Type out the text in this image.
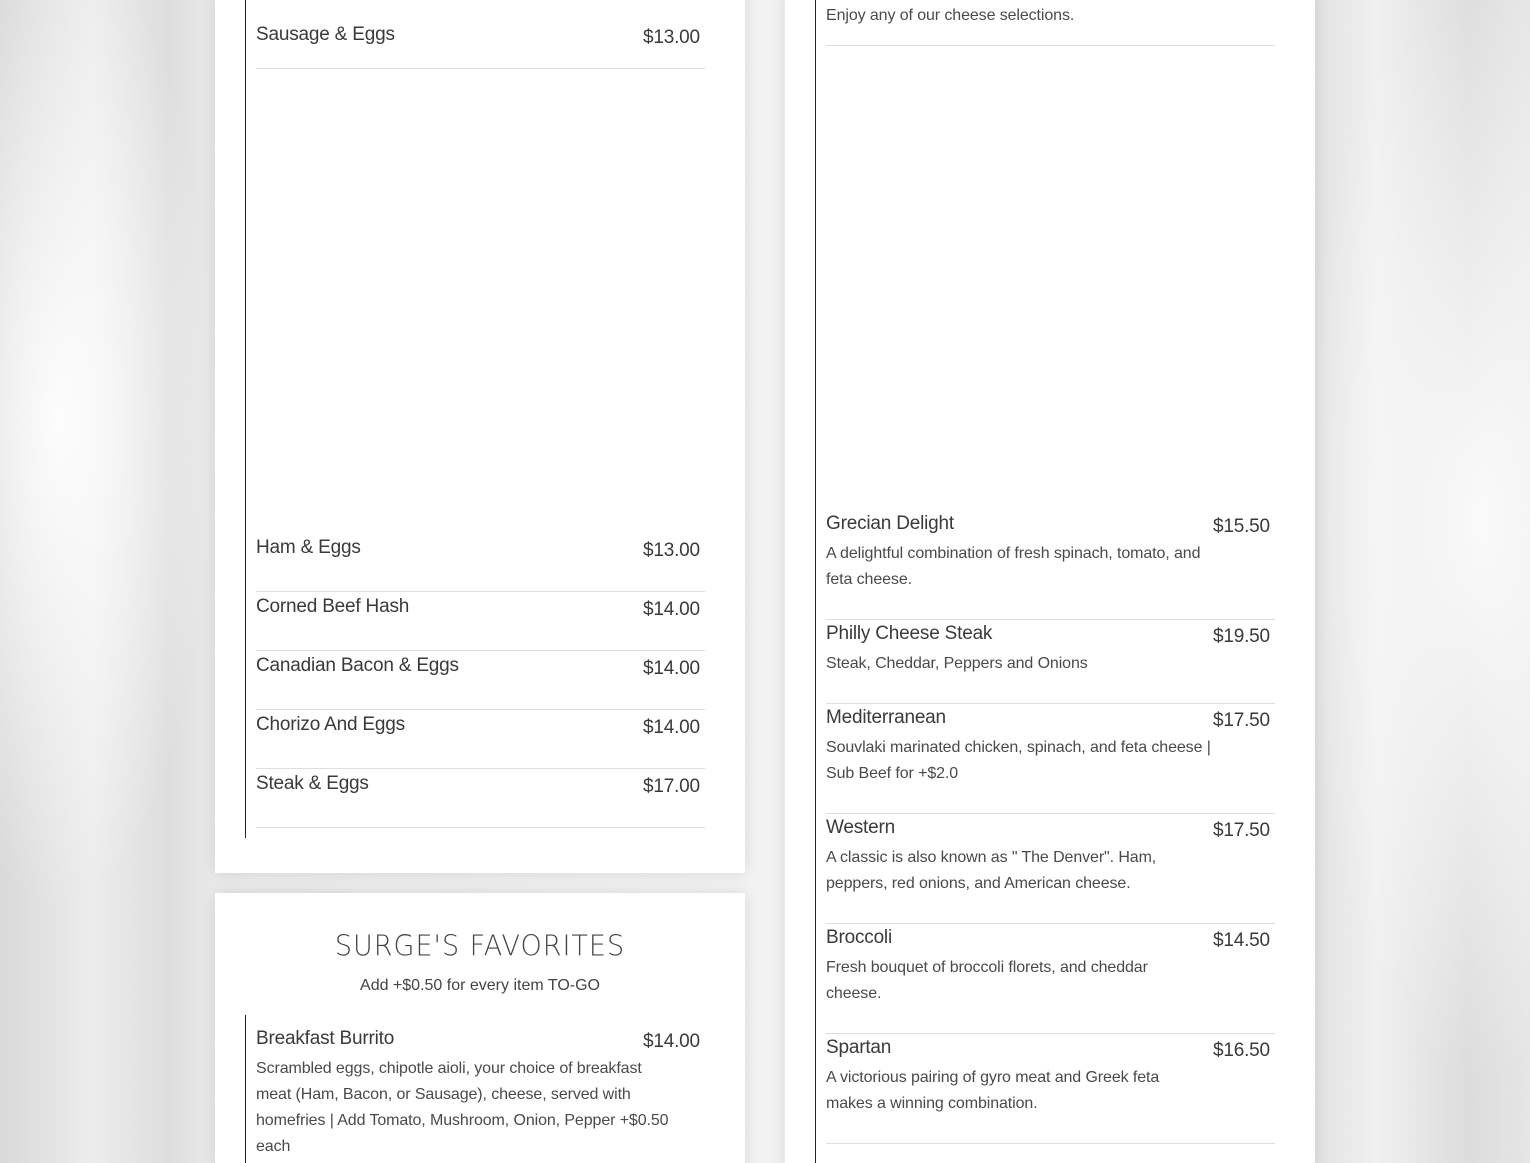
Sausage & Eggs	$13.00
Ham & Eggs	$13.00
Corned Beef Hash	$14.00
Canadian Bacon & Eggs	$14.00
Chorizo And Eggs	$14.00
Steak & Eggs	$17.00
SURGE'S FAVORITES
Add +$0.50 for every item TO-GO
Breakfast Burrito	$14.00
Scrambled eggs, chipotle aioli, your choice of breakfast meat (Ham, Bacon, or Sausage), cheese, served with homefries | Add Tomato, Mushroom, Onion, Pepper +$0.50 each
Enjoy any of our cheese selections.
Grecian Delight	$15.50
A delightful combination of fresh spinach, tomato, and feta cheese.
Philly Cheese Steak	$19.50
Steak, Cheddar, Peppers and Onions
Mediterranean	$17.50
Souvlaki marinated chicken, spinach, and feta cheese | Sub Beef for +$2.0
Western	$17.50
A classic is also known as " The Denver". Ham, peppers, red onions, and American cheese.
Broccoli	$14.50
Fresh bouquet of broccoli florets, and cheddar cheese.
Spartan	$16.50
A victorious pairing of gyro meat and Greek feta makes a winning combination.
